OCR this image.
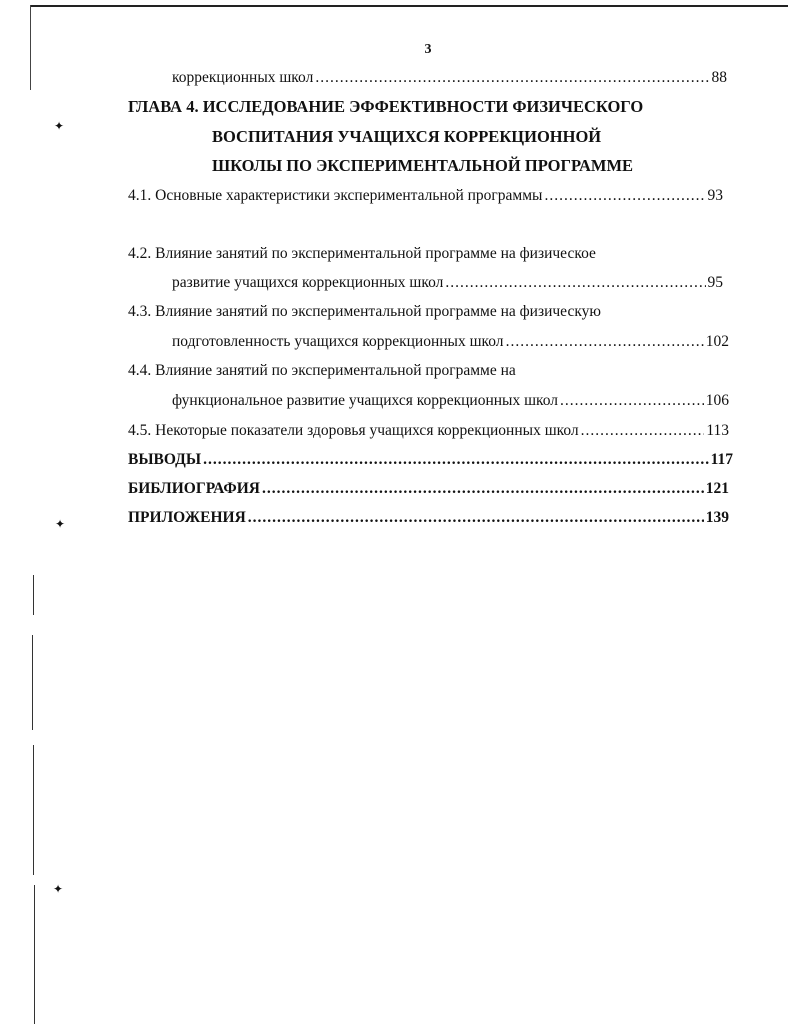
✦
✦
✦
3
коррекционных школ .....	88
ГЛАВА 4. ИССЛЕДОВАНИЕ ЭФФЕКТИВНОСТИ ФИЗИЧЕСКОГО
ВОСПИТАНИЯ УЧАЩИХСЯ КОРРЕКЦИОННОЙ
ШКОЛЫ ПО ЭКСПЕРИМЕНТАЛЬНОЙ ПРОГРАММЕ
4.1. Основные характеристики экспериментальной программы .....	93
4.2. Влияние занятий по экспериментальной программе на физическое
развитие учащихся коррекционных школ .....	95
4.3. Влияние занятий по экспериментальной программе на физическую
подготовленность учащихся коррекционных школ .....	102
4.4. Влияние занятий по экспериментальной программе на
функциональное развитие учащихся коррекционных школ .....	106
4.5. Некоторые показатели здоровья учащихся коррекционных школ .....	113
ВЫВОДЫ .....	117
БИБЛИОГРАФИЯ .....	121
ПРИЛОЖЕНИЯ .....	139
